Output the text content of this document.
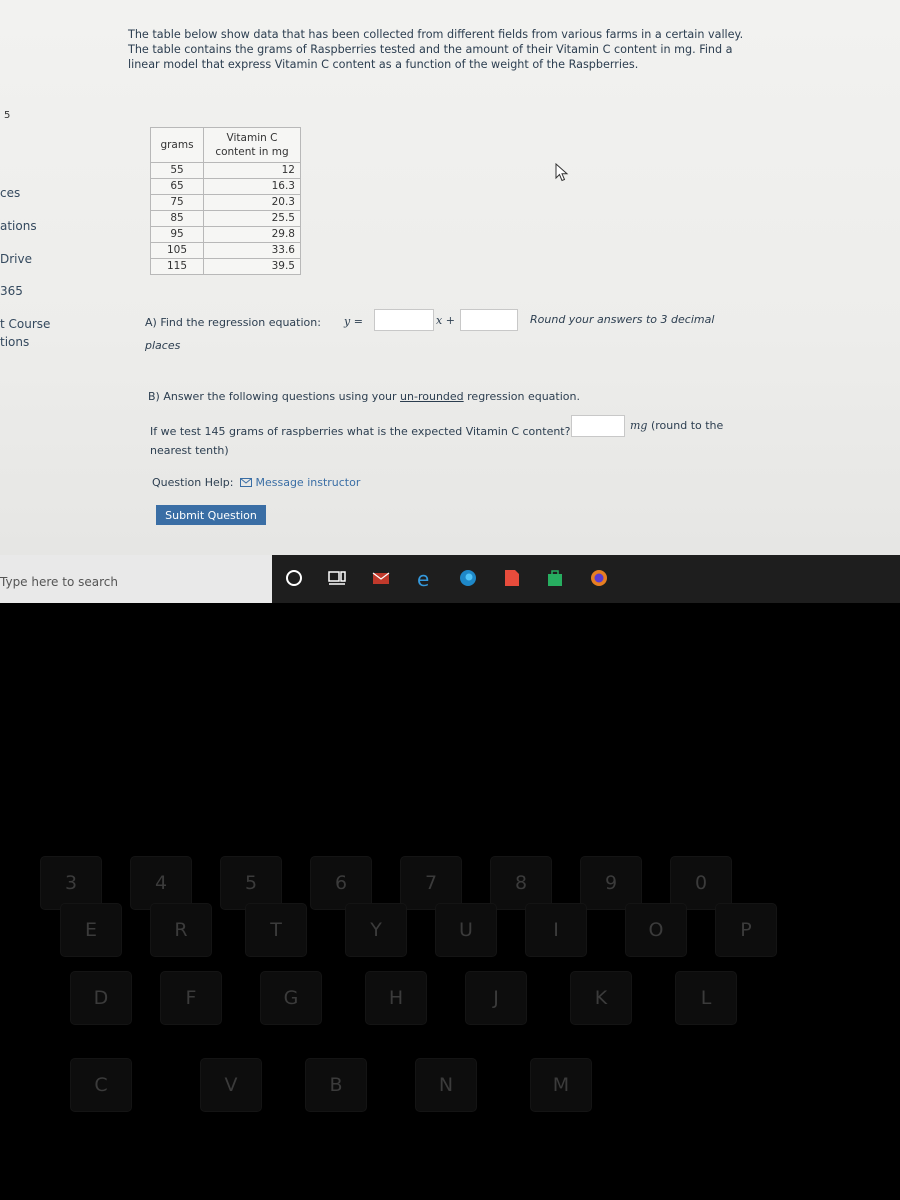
5
ces
ations
Drive
365
t Course
tions
The table below show data that has been collected from different fields from various farms in a certain valley. The table contains the grams of Raspberries tested and the amount of their Vitamin C content in mg. Find a linear model that express Vitamin C content as a function of the weight of the Raspberries.
grams	Vitamin C content in mg
55	12
65	16.3
75	20.3
85	25.5
95	29.8
105	33.6
115	39.5
A) Find the regression equation: y =	x +	Round your answers to 3 decimal
places
B) Answer the following questions using your un-rounded regression equation.
If we test 145 grams of raspberries what is the expected Vitamin C content?	mg (round to the
nearest tenth)
Question Help: Message instructor
Submit Question
Type here to search	e
3	4	5	6	7	8	9	0
E	R	T	Y	U	I	O	P
D	F	G	H	J	K	L
C	V	B	N	M
